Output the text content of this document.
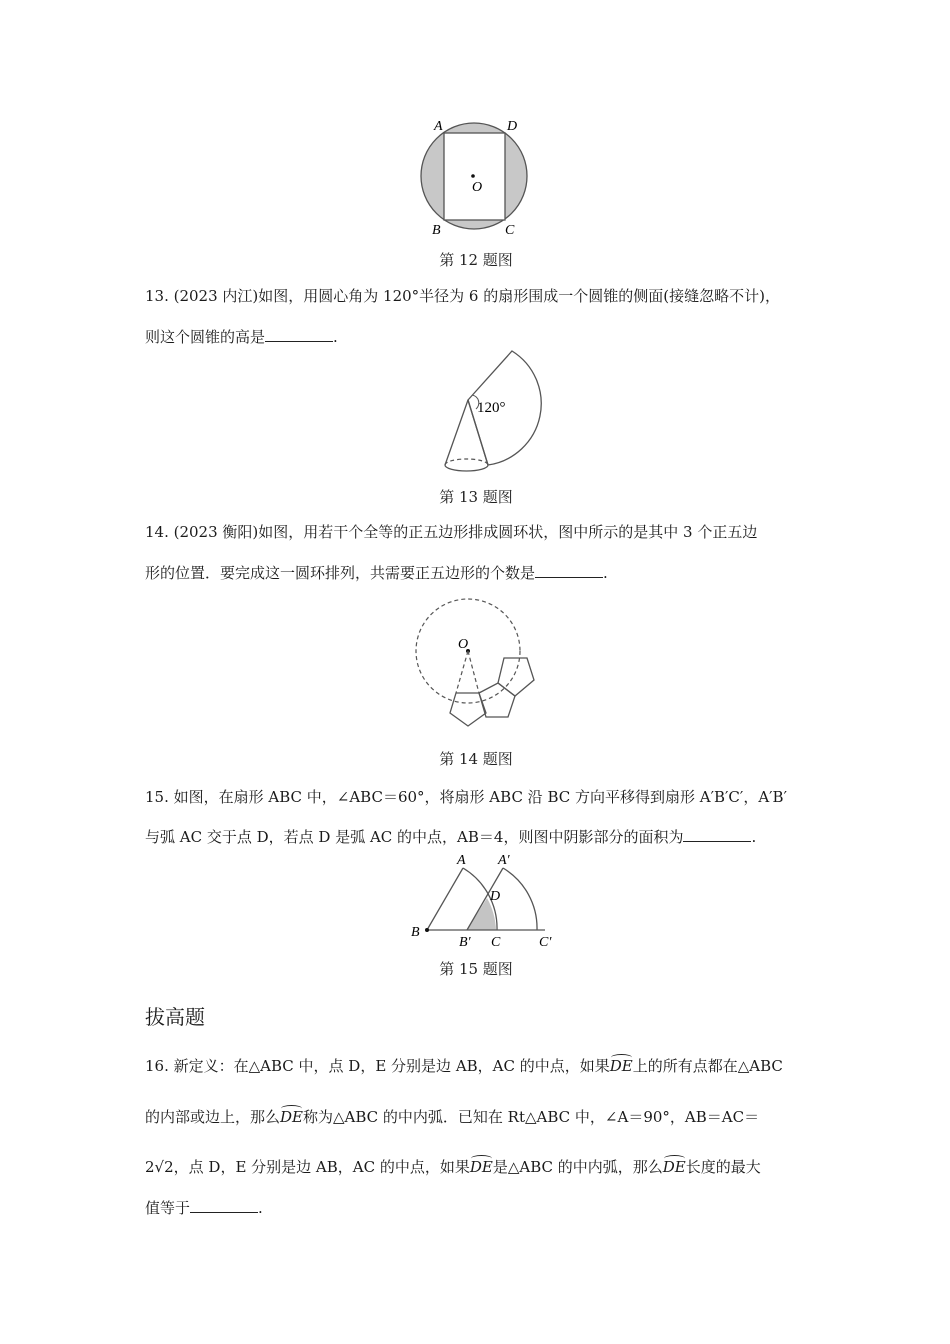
A	D
B	C
O
第 12 题图
13. (2023 内江)如图，用圆心角为 120°半径为 6 的扇形围成一个圆锥的侧面(接缝忽略不计)，
则这个圆锥的高是	.
120°
第 13 题图
14. (2023 衡阳)如图，用若干个全等的正五边形排成圆环状，图中所示的是其中 3 个正五边
形的位置．要完成这一圆环排列，共需要正五边形的个数是	.
O
第 14 题图
15. 如图，在扇形 ABC 中，∠ABC＝60°，将扇形 ABC 沿 BC 方向平移得到扇形 A′B′C′，A′B′
与弧 AC 交于点 D，若点 D 是弧 AC 的中点，AB＝4，则图中阴影部分的面积为	.
A A′
D
B
B′ C	C′
第 15 题图
拔高题
16. 新定义：在△ABC 中，点 D，E 分别是边 AB，AC 的中点，如果DE上的所有点都在△ABC
的内部或边上，那么DE称为△ABC 的中内弧．已知在 Rt△ABC 中，∠A＝90°，AB＝AC＝
2√2，点 D，E 分别是边 AB，AC 的中点，如果DE是△ABC 的中内弧，那么DE长度的最大
值等于	.
